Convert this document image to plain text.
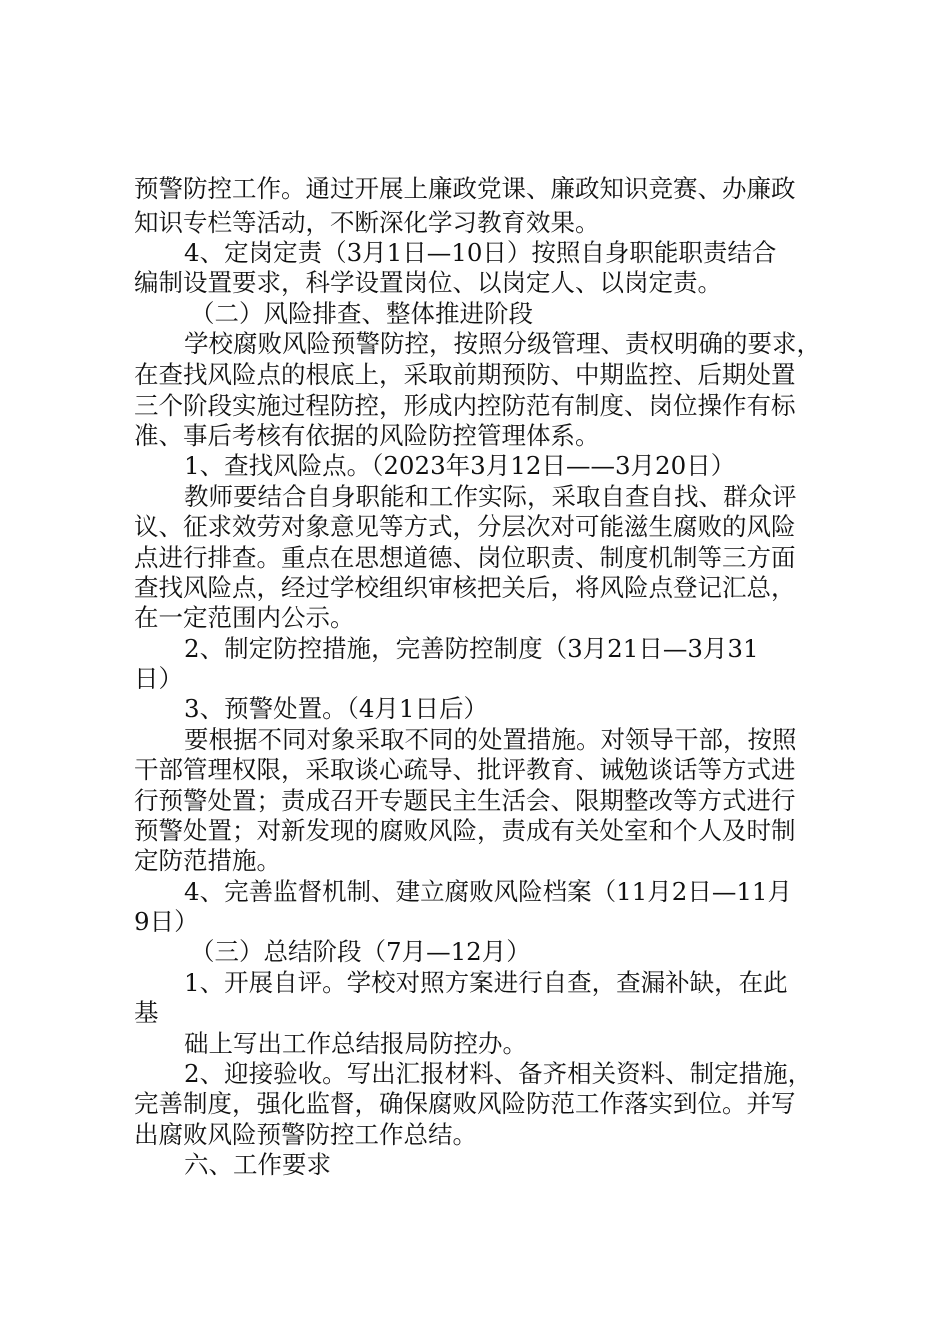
预警防控工作。通过开展上廉政党课、廉政知识竞赛、办廉政
知识专栏等活动，不断深化学习教育效果。
4、定岗定责（3月1日—10日）按照自身职能职责结合
编制设置要求，科学设置岗位、以岗定人、以岗定责。
（二）风险排查、整体推进阶段
学校腐败风险预警防控，按照分级管理、责权明确的要求，
在查找风险点的根底上，采取前期预防、中期监控、后期处置
三个阶段实施过程防控，形成内控防范有制度、岗位操作有标
准、事后考核有依据的风险防控管理体系。
1、查找风险点。（2023年3月12日——3月20日）
教师要结合自身职能和工作实际，采取自查自找、群众评
议、征求效劳对象意见等方式，分层次对可能滋生腐败的风险
点进行排查。重点在思想道德、岗位职责、制度机制等三方面
查找风险点，经过学校组织审核把关后，将风险点登记汇总，
在一定范围内公示。
2、制定防控措施，完善防控制度（3月21日—3月31
日）
3、预警处置。（4月1日后）
要根据不同对象采取不同的处置措施。对领导干部，按照
干部管理权限，采取谈心疏导、批评教育、诫勉谈话等方式进
行预警处置；责成召开专题民主生活会、限期整改等方式进行
预警处置；对新发现的腐败风险，责成有关处室和个人及时制
定防范措施。
4、完善监督机制、建立腐败风险档案（11月2日—11月
9日）
（三）总结阶段（7月—12月）
1、开展自评。学校对照方案进行自查，查漏补缺，在此
基
础上写出工作总结报局防控办。
2、迎接验收。写出汇报材料、备齐相关资料、制定措施，
完善制度，强化监督，确保腐败风险防范工作落实到位。并写
出腐败风险预警防控工作总结。
六、工作要求
